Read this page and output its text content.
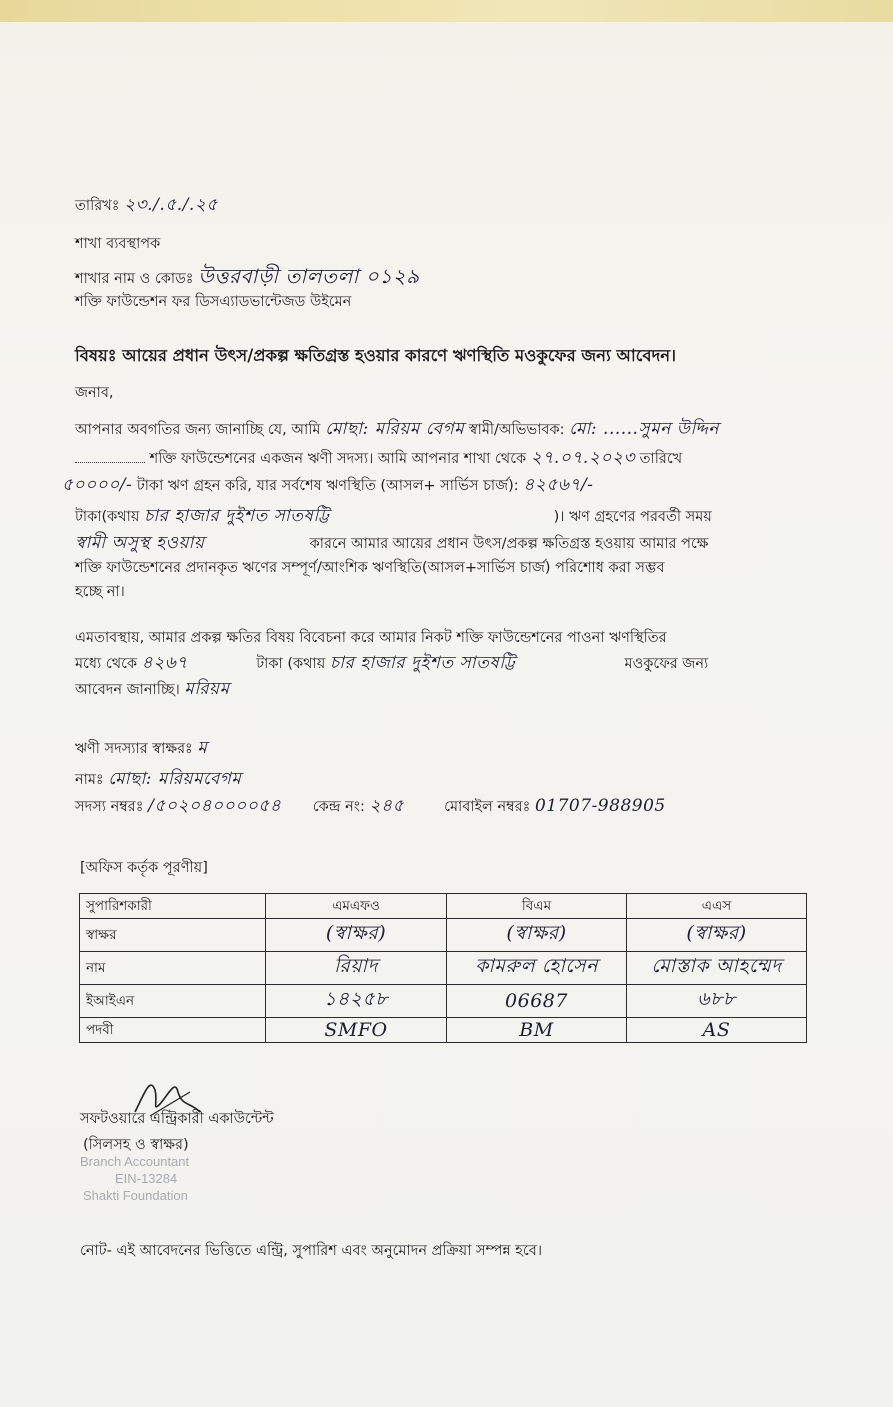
তারিখঃ ২৩./.৫./.২৫
শাখা ব্যবস্থাপক
শাখার নাম ও কোডঃ উত্তরবাড়ী তালতলা ০১২৯
শক্তি ফাউন্ডেশন ফর ডিসএ্যাডভান্টেজড উইমেন
বিষয়ঃ আয়ের প্রধান উৎস/প্রকল্প ক্ষতিগ্রস্ত হওয়ার কারণে ঋণস্থিতি মওকুফের জন্য আবেদন।
জনাব,
আপনার অবগতির জন্য জানাচ্ছি যে, আমি মোছা: মরিয়ম বেগম স্বামী/অভিভাবক: মো: ......সুমন উদ্দিন
শক্তি ফাউন্ডেশনের একজন ঋণী সদস্য। আমি আপনার শাখা থেকে ২৭.০৭.২০২৩ তারিখে
৫০০০০/- টাকা ঋণ গ্রহন করি, যার সর্বশেষ ঋণস্থিতি (আসল+ সার্ভিস চার্জ): ৪২৫৬৭/-
টাকা(কথায় চার হাজার দুইশত সাতষট্টি	)। ঋণ গ্রহণের পরবর্তী সময়
স্বামী অসুস্থ হওয়ায়	কারনে আমার আয়ের প্রধান উৎস/প্রকল্প ক্ষতিগ্রস্ত হওয়ায় আমার পক্ষে
শক্তি ফাউন্ডেশনের প্রদানকৃত ঋণের সম্পূর্ণ/আংশিক ঋণস্থিতি(আসল+সার্ভিস চার্জ) পরিশোধ করা সম্ভব
হচ্ছে না।
এমতাবস্থায়, আমার প্রকল্প ক্ষতির বিষয় বিবেচনা করে আমার নিকট শক্তি ফাউন্ডেশনের পাওনা ঋণস্থিতির
মধ্যে থেকে ৪২৬৭	টাকা (কথায় চার হাজার দুইশত সাতষট্টি	মওকুফের জন্য
আবেদন জানাচ্ছি। মরিয়ম
ঋণী সদস্যার স্বাক্ষরঃ ম
নামঃ মোছা: মরিয়মবেগম
সদস্য নম্বরঃ /৫০২০৪০০০০৫৪ কেন্দ্র নং: ২৪৫	মোবাইল নম্বরঃ 01707-988905
[অফিস কর্তৃক পূরণীয়]
সুপারিশকারী	এমএফও	বিএম	এএস
স্বাক্ষর	(স্বাক্ষর)	(স্বাক্ষর)	(স্বাক্ষর)
নাম	রিয়াদ	কামরুল হোসেন	মোস্তাক আহম্মেদ
ইআইএন	১৪২৫৮	06687	৬৮৮
পদবী	SMFO	BM	AS
সফটওয়ারে এন্ট্রিকারী একাউন্টেন্ট
(সিলসহ ও স্বাক্ষর)
Branch Accountant
EIN-13284
Shakti Foundation
নোট- এই আবেদনের ভিত্তিতে এন্ট্রি, সুপারিশ এবং অনুমোদন প্রক্রিয়া সম্পন্ন হবে।
